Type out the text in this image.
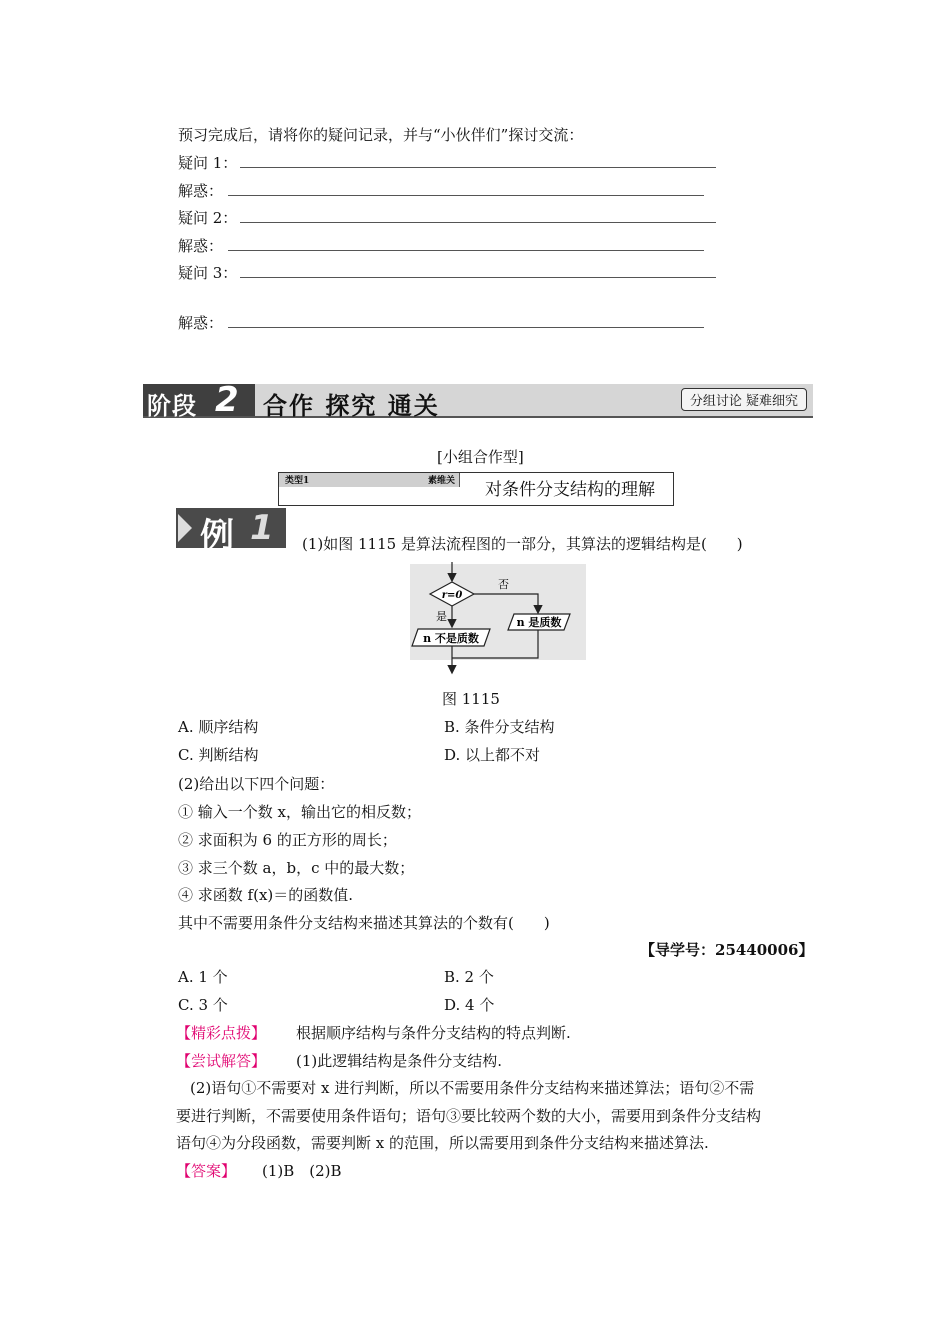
预习完成后，请将你的疑问记录，并与“小伙伴们”探讨交流：
疑问 1：
解惑：
疑问 2：
解惑：
疑问 3：
解惑：
阶段 2 合作 探究 通关	分组讨论 疑难细究
[小组合作型]
类型1	素维关 对条件分支结构的理解
例 1 (1)如图 1115 是算法流程图的一部分，其算法的逻辑结构是(　　)
r=0
否
是	n 是质数
n 不是质数
图 1115
A. 顺序结构	B. 条件分支结构
C. 判断结构	D. 以上都不对
(2)给出以下四个问题：
① 输入一个数 x，输出它的相反数；
② 求面积为 6 的正方形的周长；
③ 求三个数 a，b，c 中的最大数；
④ 求函数 f(x)＝的函数值.
其中不需要用条件分支结构来描述其算法的个数有(　　)
【导学号：25440006】
A. 1 个	B. 2 个
C. 3 个	D. 4 个
【精彩点拨】 根据顺序结构与条件分支结构的特点判断.
【尝试解答】 (1)此逻辑结构是条件分支结构.
(2)语句①不需要对 x 进行判断，所以不需要用条件分支结构来描述算法；语句②不需
要进行判断，不需要使用条件语句；语句③要比较两个数的大小，需要用到条件分支结构
语句④为分段函数，需要判断 x 的范围，所以需要用到条件分支结构来描述算法.
【答案】 (1)B　(2)B
